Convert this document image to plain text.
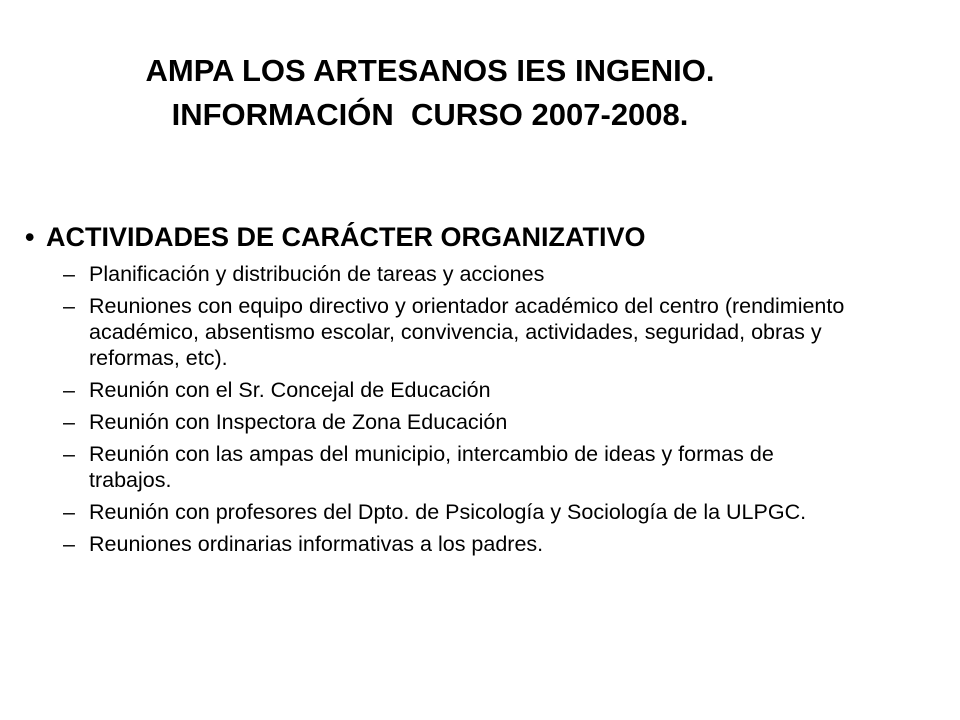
AMPA LOS ARTESANOS IES INGENIO.
INFORMACIÓN  CURSO 2007-2008.
• ACTIVIDADES DE CARÁCTER ORGANIZATIVO
– Planificación y distribución de tareas y acciones
– Reuniones con equipo directivo y orientador académico del centro (rendimiento académico, absentismo escolar, convivencia, actividades, seguridad, obras y reformas, etc).
– Reunión con el Sr. Concejal de Educación
– Reunión con Inspectora de Zona Educación
– Reunión con las ampas del municipio, intercambio de ideas y formas de trabajos.
– Reunión con profesores del Dpto. de Psicología y Sociología de la ULPGC.
– Reuniones ordinarias informativas a los padres.
